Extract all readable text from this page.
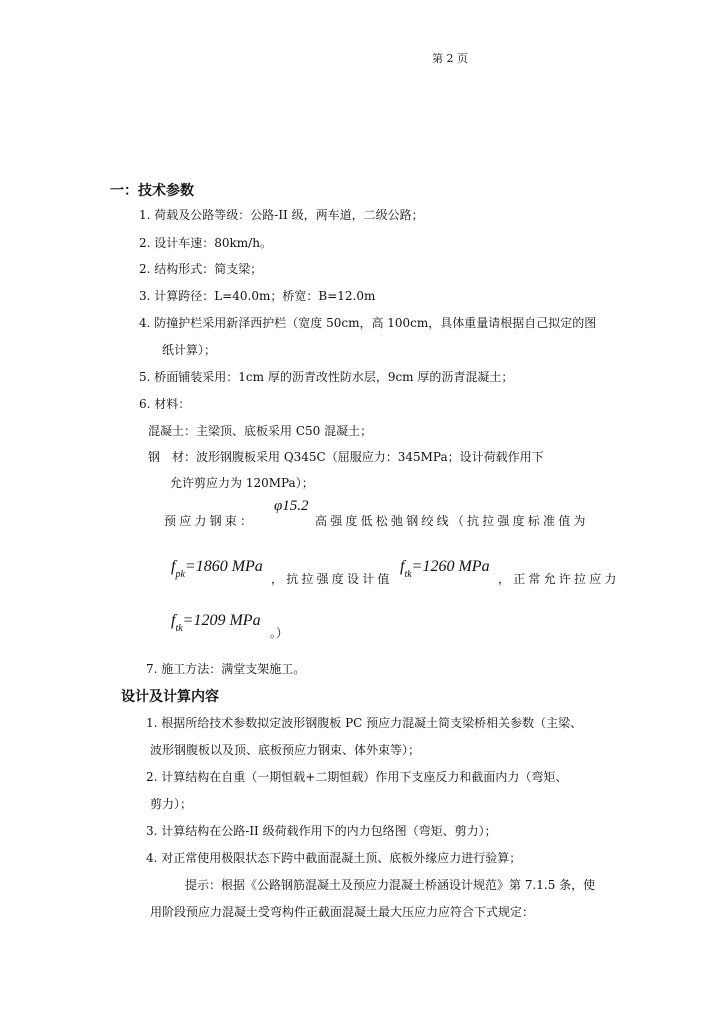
第 2 页
一：技术参数
1. 荷载及公路等级：公路-II 级，两车道，二级公路；
2. 设计车速：80km/h。
2. 结构形式：简支梁；
3. 计算跨径：L=40.0m；桥宽：B=12.0m
4. 防撞护栏采用新泽西护栏（宽度 50cm，高 100cm，具体重量请根据自己拟定的图
纸计算）；
5. 桥面铺装采用：1cm 厚的沥青改性防水层，9cm 厚的沥青混凝土；
6. 材料：
混凝土：主梁顶、底板采用 C50 混凝土；
钢　材：波形钢腹板采用 Q345C（屈服应力：345MPa；设计荷载作用下
允许剪应力为 120MPa）；
预应力钢束：
φ15.2
高强度低松弛钢绞线（抗拉强度标准值为
$f_{pk}=1860$ MPa
，抗拉强度设计值
$f_{tk}=1260$ MPa
，正常允许拉应力
$f_{tk}=1209$ MPa
。）
7. 施工方法：满堂支架施工。
设计及计算内容
1. 根据所给技术参数拟定波形钢腹板 PC 预应力混凝土简支梁桥相关参数（主梁、
波形钢腹板以及顶、底板预应力钢束、体外束等）；
2. 计算结构在自重（一期恒载+二期恒载）作用下支座反力和截面内力（弯矩、
剪力）；
3. 计算结构在公路-II 级荷载作用下的内力包络图（弯矩、剪力）；
4. 对正常使用极限状态下跨中截面混凝土顶、底板外缘应力进行验算；
提示：根据《公路钢筋混凝土及预应力混凝土桥涵设计规范》第 7.1.5 条，使
用阶段预应力混凝土受弯构件正截面混凝土最大压应力应符合下式规定：
